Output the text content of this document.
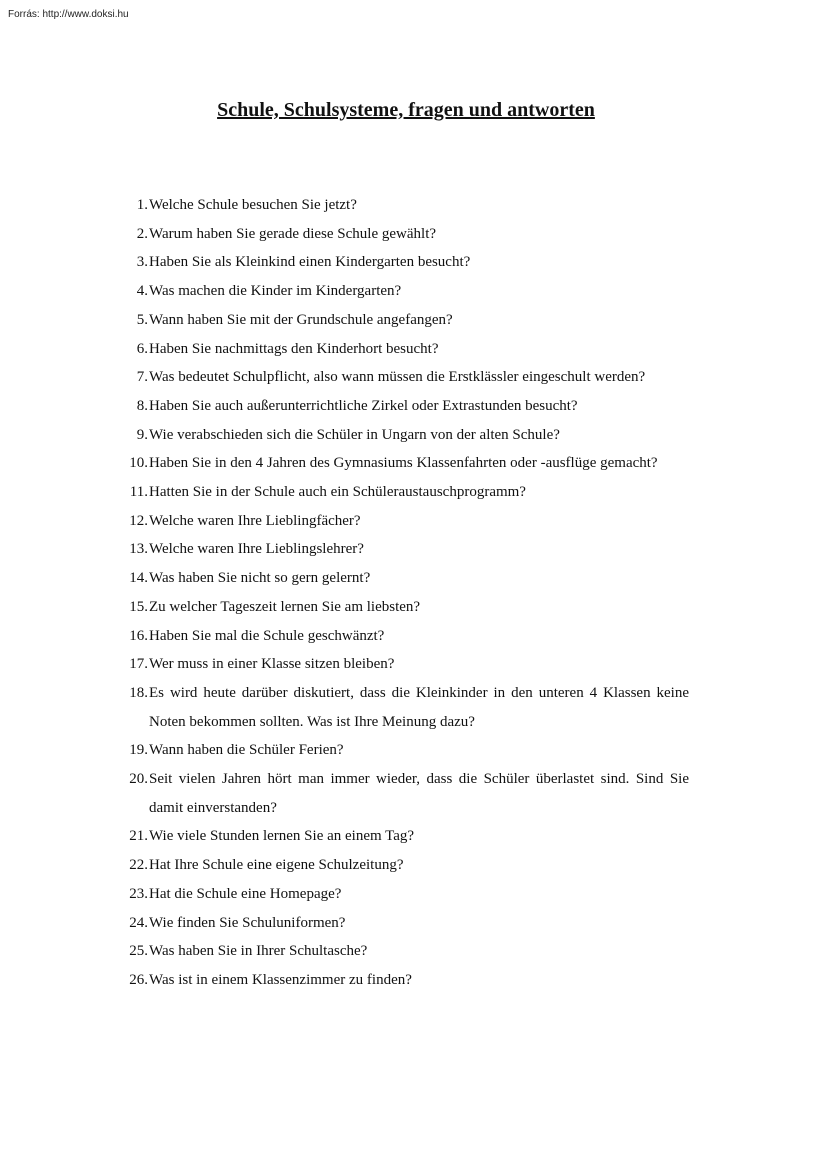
Forrás: http://www.doksi.hu
Schule, Schulsysteme, fragen und antworten
1. Welche Schule besuchen Sie jetzt?
2. Warum haben Sie gerade diese Schule gewählt?
3. Haben Sie als Kleinkind einen Kindergarten besucht?
4. Was machen die Kinder im Kindergarten?
5. Wann haben Sie mit der Grundschule angefangen?
6. Haben Sie nachmittags den Kinderhort besucht?
7. Was bedeutet Schulpflicht, also wann müssen die Erstklässler eingeschult werden?
8. Haben Sie auch außerunterrichtliche Zirkel oder Extrastunden besucht?
9. Wie verabschieden sich die Schüler in Ungarn von der alten Schule?
10. Haben Sie in den 4 Jahren des Gymnasiums Klassenfahrten oder -ausflüge gemacht?
11. Hatten Sie in der Schule auch ein Schüleraustauschprogramm?
12. Welche waren Ihre Lieblingfächer?
13. Welche waren Ihre Lieblingslehrer?
14. Was haben Sie nicht so gern gelernt?
15. Zu welcher Tageszeit lernen Sie am liebsten?
16. Haben Sie mal die Schule geschwänzt?
17. Wer muss in einer Klasse sitzen bleiben?
18. Es wird heute darüber diskutiert, dass die Kleinkinder in den unteren 4 Klassen keine Noten bekommen sollten. Was ist Ihre Meinung dazu?
19. Wann haben die Schüler Ferien?
20. Seit vielen Jahren hört man immer wieder, dass die Schüler überlastet sind. Sind Sie damit einverstanden?
21. Wie viele Stunden lernen Sie an einem Tag?
22. Hat Ihre Schule eine eigene Schulzeitung?
23. Hat die Schule eine Homepage?
24. Wie finden Sie Schuluniformen?
25. Was haben Sie in Ihrer Schultasche?
26. Was ist in einem Klassenzimmer zu finden?
